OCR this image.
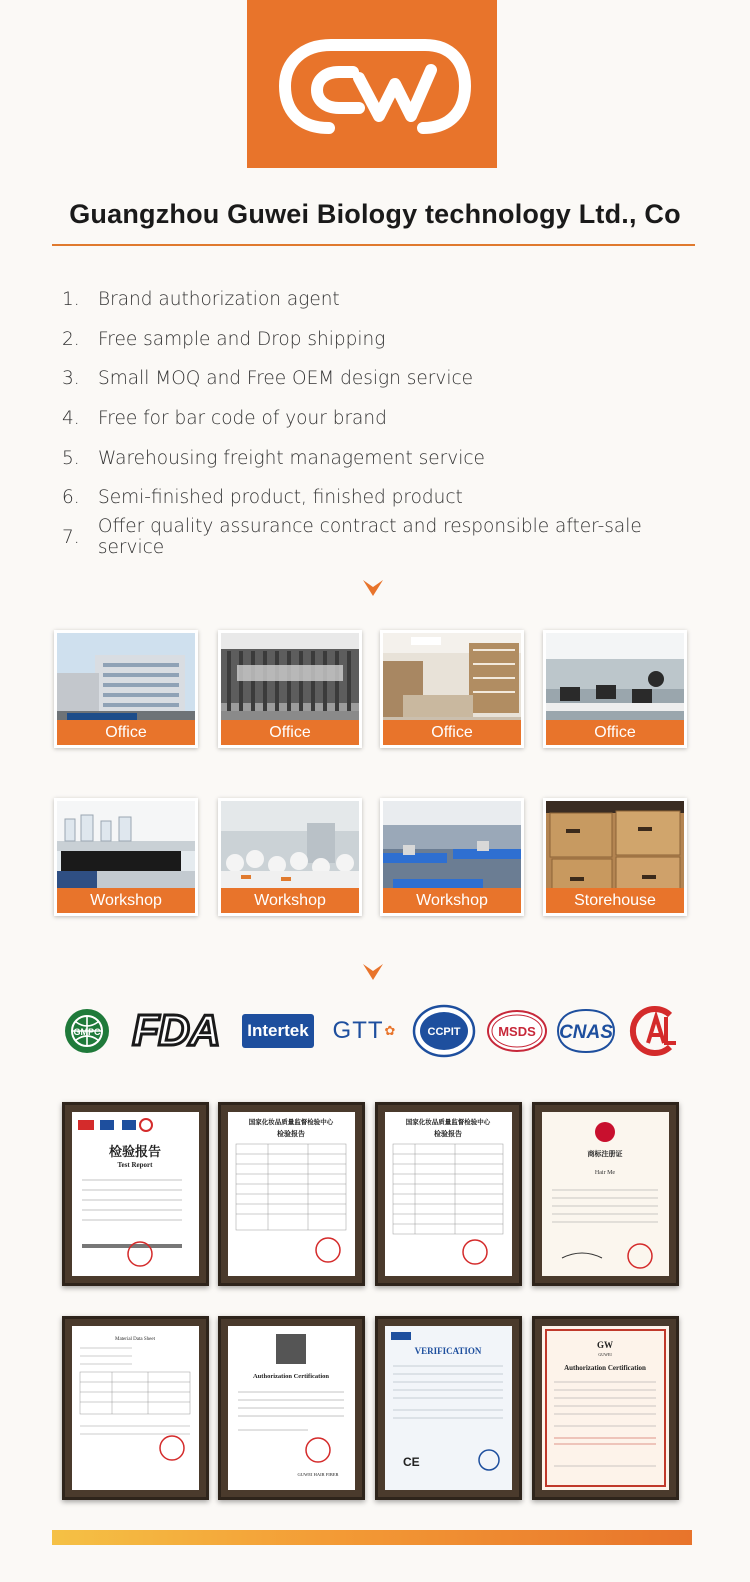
Guangzhou Guwei Biology technology Ltd., Co
1. Brand authorization agent
2. Free sample and Drop shipping
3. Small MOQ and Free OEM design service
4. Free for bar code of your brand
5. Warehousing freight management service
6. Semi-finished product, finished product
7. Offer quality assurance contract and responsible after-sale service
Office	Office	Office	Office
Workshop	Workshop	Workshop	Storehouse
GMPC FDA Intertek GTT ✿	CCPIT	MSDS CNAS
CAL
检验报告
Test Report
国家化妆品质量监督检验中心
检验报告
国家化妆品质量监督检验中心
检验报告
商标注册证
Hair Me
Material Data Sheet
Authorization Certification
GUWEI HAIR FIBER
VERIFICATION
CE
GW
GUWEI
Authorization Certification
